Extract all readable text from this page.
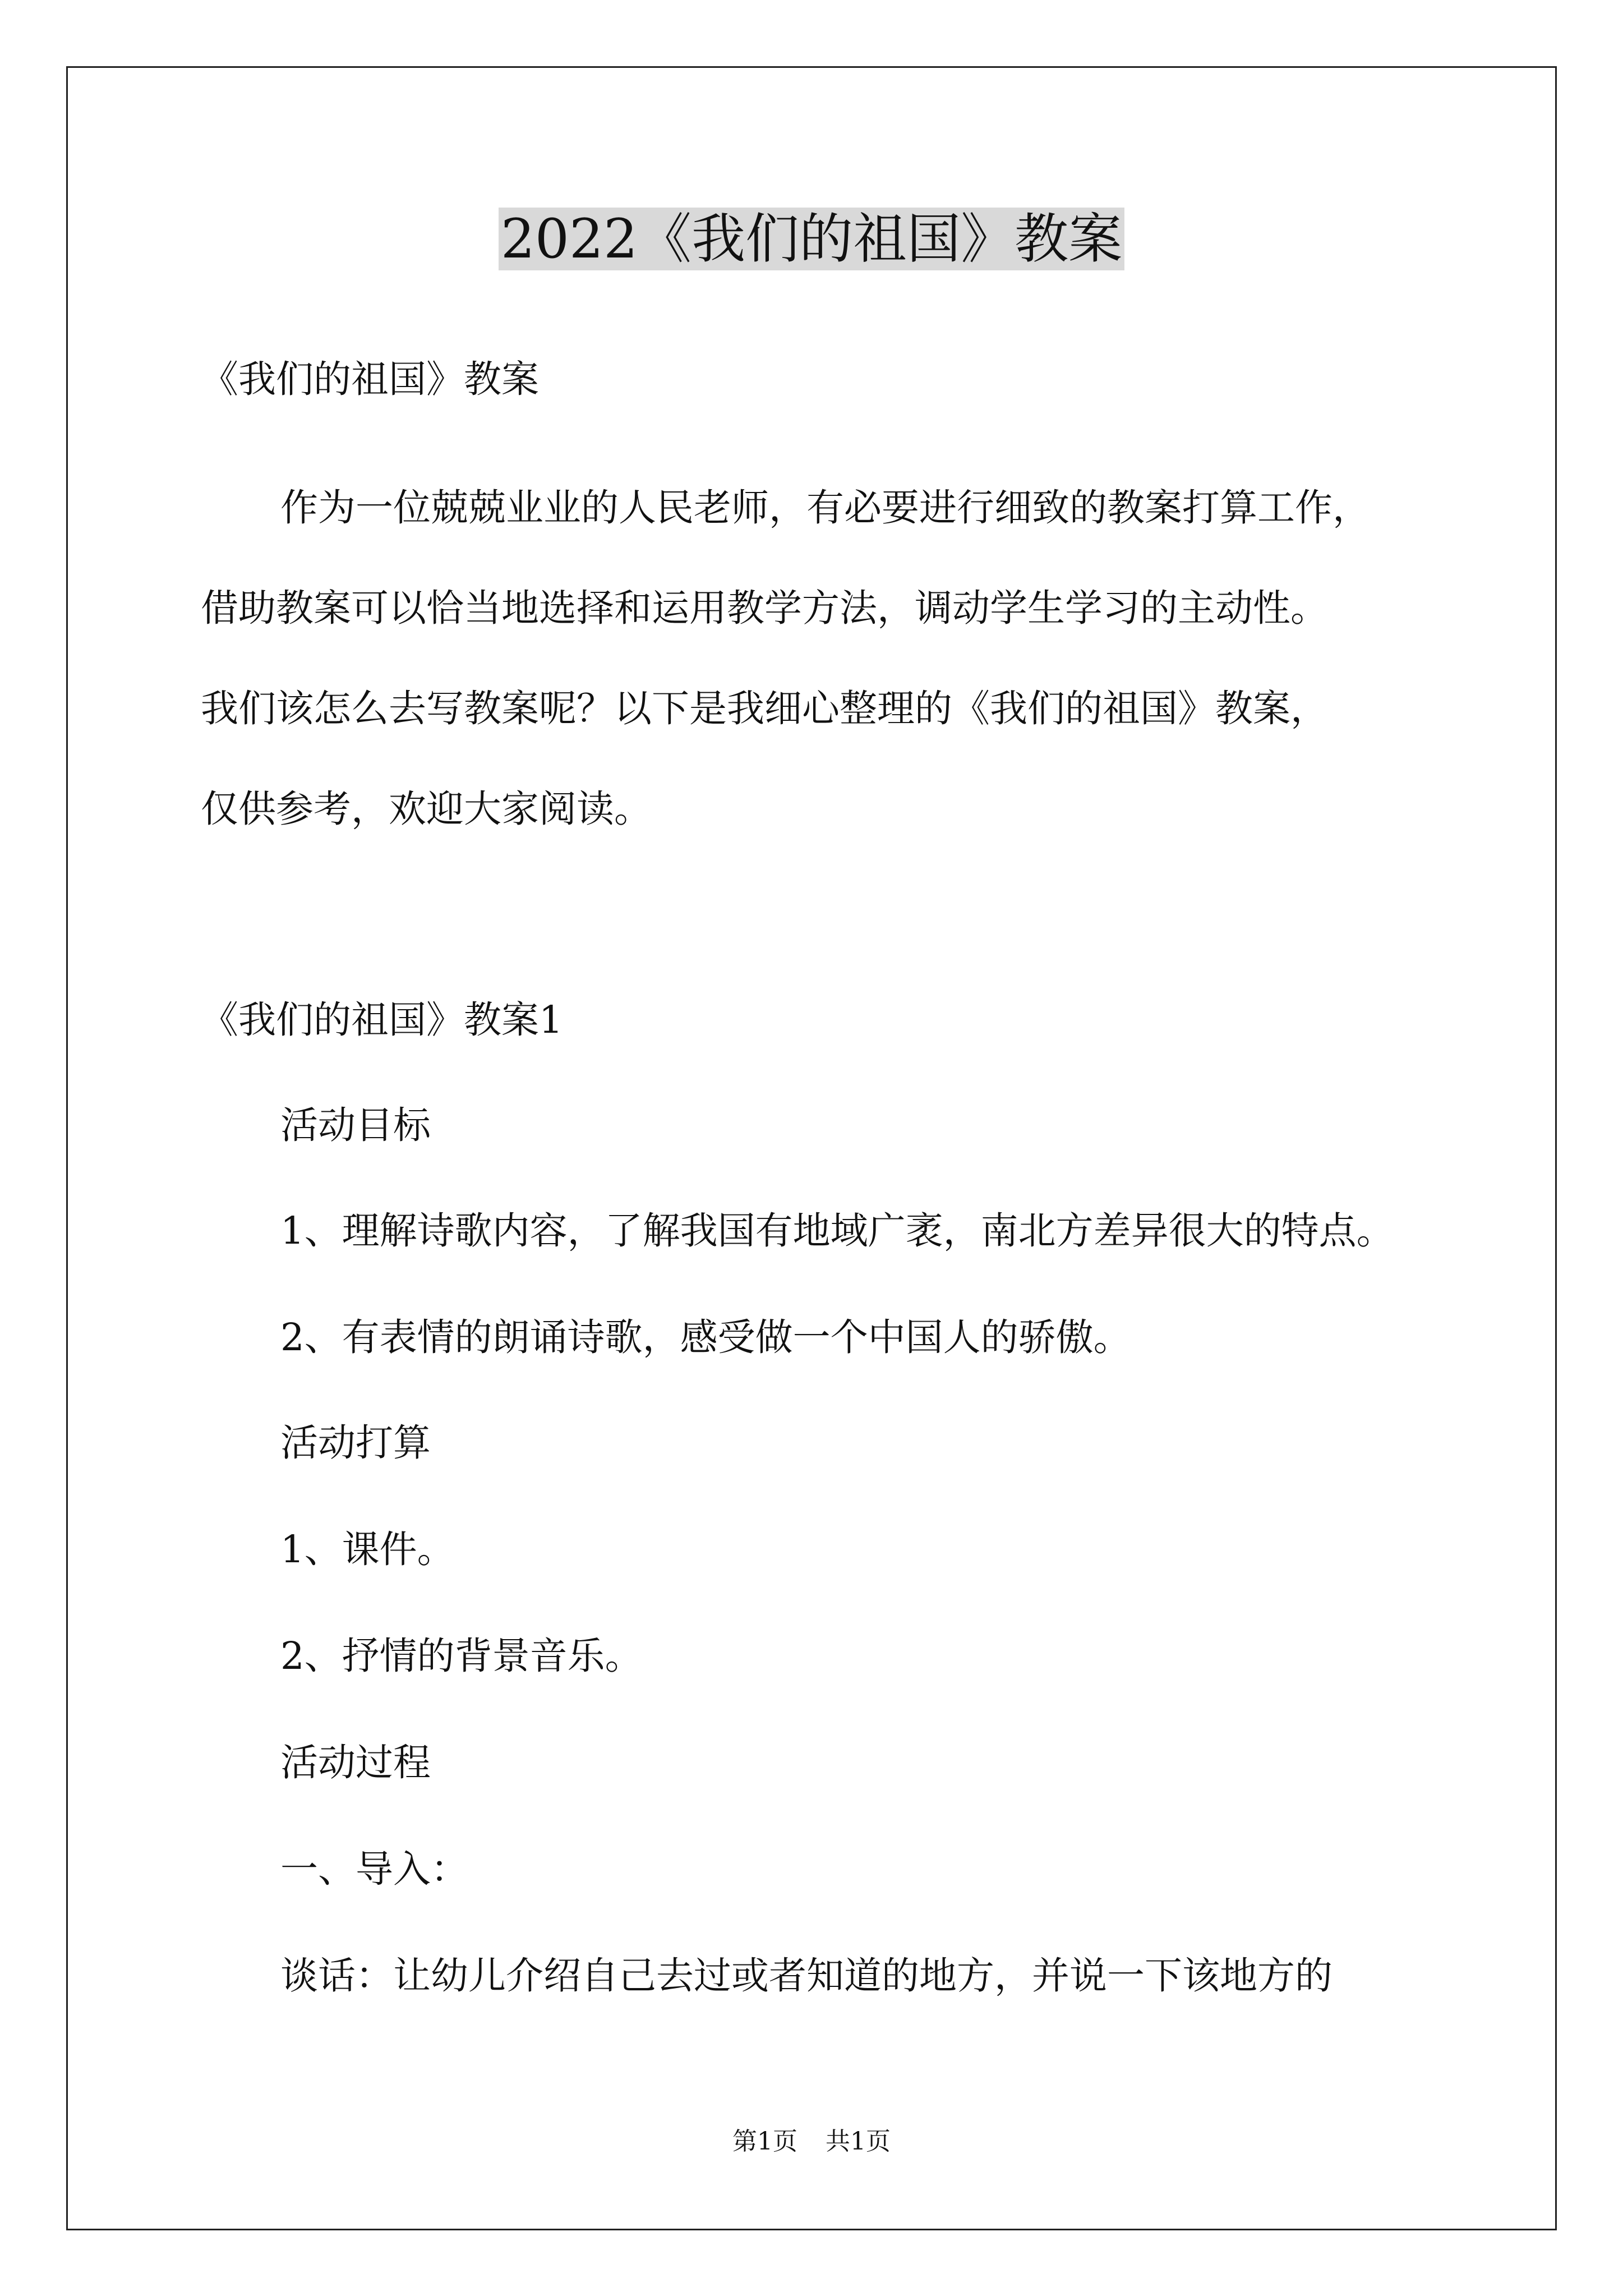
2022《我们的祖国》教案

《我们的祖国》教案

作为一位兢兢业业的人民老师，有必要进行细致的教案打算工作，
借助教案可以恰当地选择和运用教学方法，调动学生学习的主动性。
我们该怎么去写教案呢？以下是我细心整理的《我们的祖国》教案，
仅供参考，欢迎大家阅读。

《我们的祖国》教案1

活动目标

1、理解诗歌内容，了解我国有地域广袤，南北方差异很大的特点。

2、有表情的朗诵诗歌，感受做一个中国人的骄傲。

活动打算

1、课件。

2、抒情的背景音乐。

活动过程

一、导入：

谈话：让幼儿介绍自己去过或者知道的地方，并说一下该地方的

第1页 共1页
